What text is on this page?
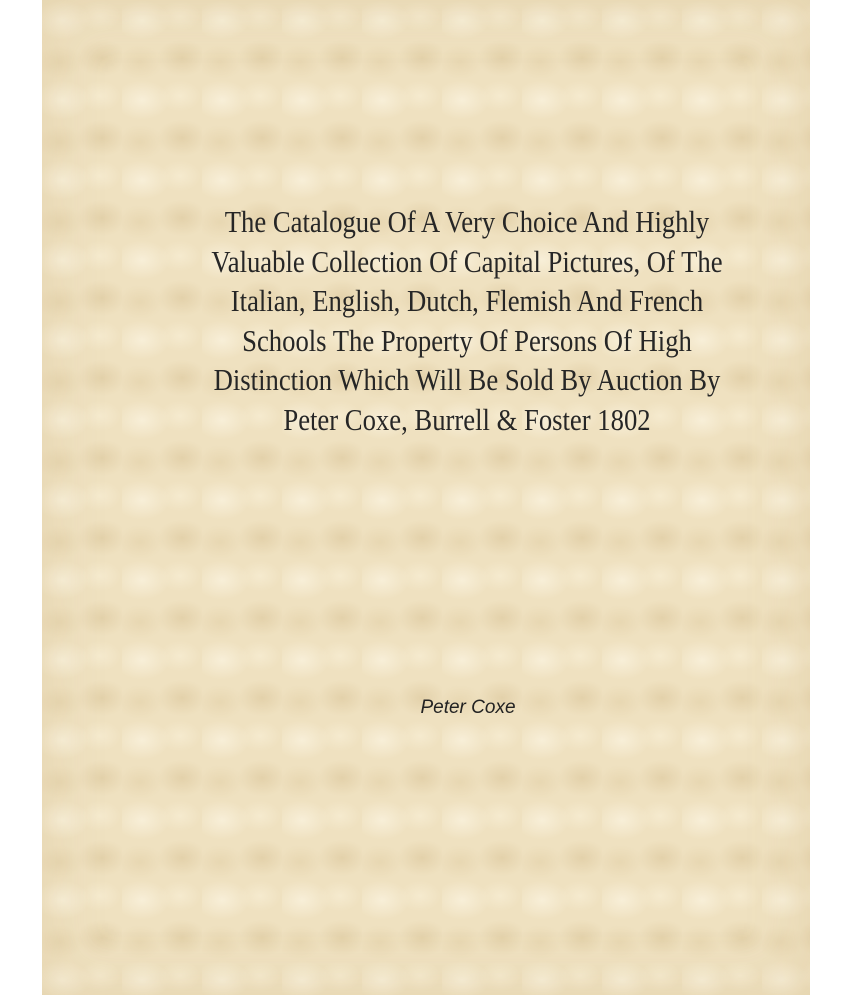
The Catalogue Of A Very Choice And Highly Valuable Collection Of Capital Pictures, Of The Italian, English, Dutch, Flemish And French Schools The Property Of Persons Of High Distinction Which Will Be Sold By Auction By Peter Coxe, Burrell & Foster 1802
Peter Coxe
